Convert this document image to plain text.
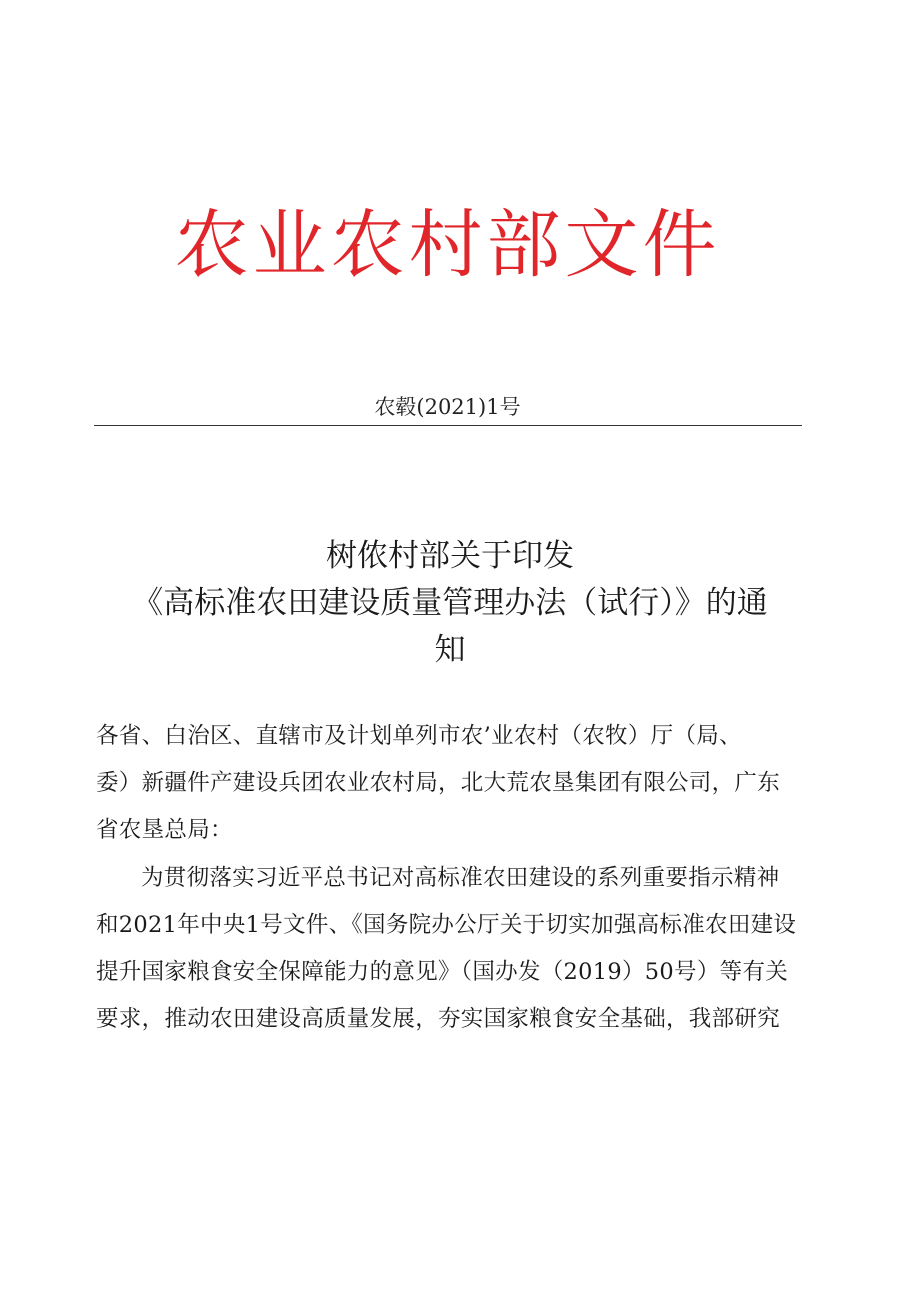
农业农村部文件
农毂(2021)1号
树侬村部关于印发
《高标准农田建设质量管理办法（试行）》的通
知
各省、白治区、直辖市及计划单列市农’业农村（农牧）厅（局、
委）新疆件产建设兵团农业农村局，北大荒农垦集团有限公司，广东
省农垦总局：
为贯彻落实习近平总书记对高标准农田建设的系列重要指示精神
和2021年中央1号文件、《国务院办公厅关于切实加强高标准农田建设
提升国家粮食安全保障能力的意见》（国办发（2019）50号）等有关
要求，推动农田建设高质量发展，夯实国家粮食安全基础，我部研究
